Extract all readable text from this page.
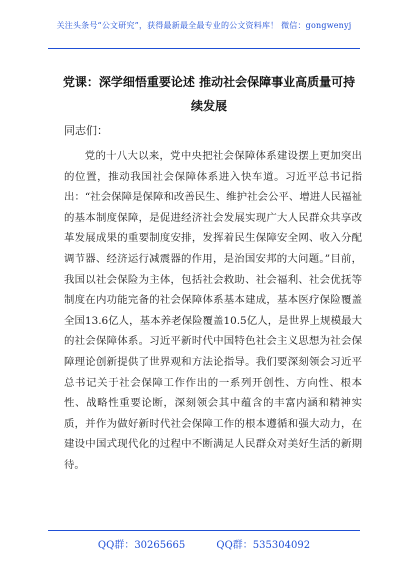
关注头条号“公文研究”，获得最新最全最专业的公文资料库！ 微信：gongwenyj
党课：深学细悟重要论述 推动社会保障事业高质量可持续发展
同志们：
党的十八大以来，党中央把社会保障体系建设摆上更加突出的位置，推动我国社会保障体系进入快车道。习近平总书记指出：“社会保障是保障和改善民生、维护社会公平、增进人民福祉的基本制度保障，是促进经济社会发展实现广大人民群众共享改革发展成果的重要制度安排，发挥着民生保障安全网、收入分配调节器、经济运行减震器的作用，是治国安邦的大问题。”目前，我国以社会保险为主体，包括社会救助、社会福利、社会优抚等制度在内功能完备的社会保障体系基本建成，基本医疗保险覆盖全国13.6亿人，基本养老保险覆盖10.5亿人，是世界上规模最大的社会保障体系。习近平新时代中国特色社会主义思想为社会保障理论创新提供了世界观和方法论指导。我们要深刻领会习近平总书记关于社会保障工作作出的一系列开创性、方向性、根本性、战略性重要论断，深刻领会其中蕴含的丰富内涵和精神实质，并作为做好新时代社会保障工作的根本遵循和强大动力，在建设中国式现代化的过程中不断满足人民群众对美好生活的新期待。
QQ群：30265665	QQ群：535304092
